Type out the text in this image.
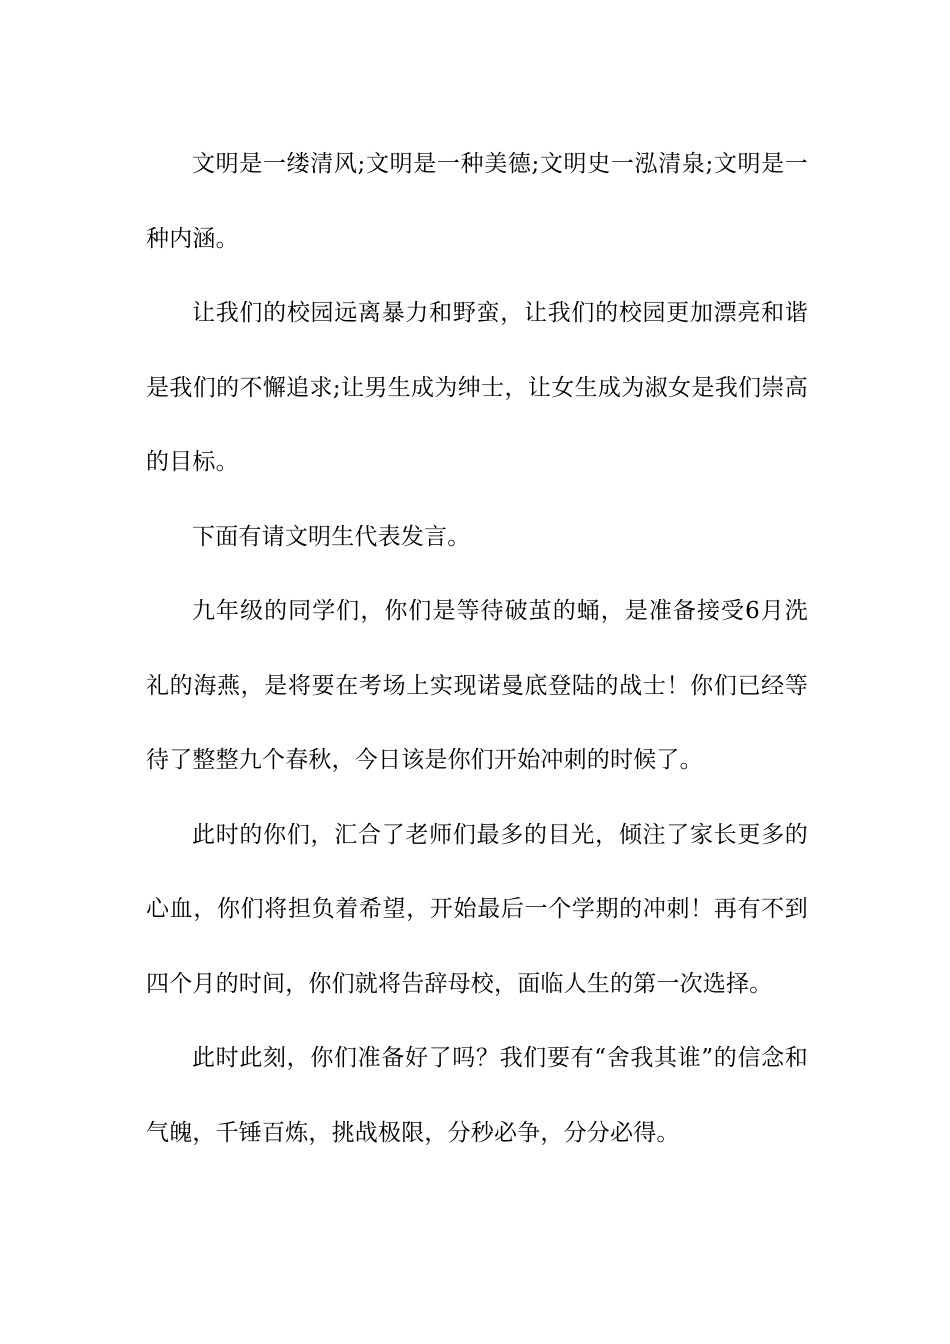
文明是一缕清风;文明是一种美德;文明史一泓清泉;文明是一种内涵。

让我们的校园远离暴力和野蛮，让我们的校园更加漂亮和谐是我们的不懈追求;让男生成为绅士，让女生成为淑女是我们崇高的目标。

下面有请文明生代表发言。

九年级的同学们，你们是等待破茧的蛹，是准备接受6月洗礼的海燕，是将要在考场上实现诺曼底登陆的战士！你们已经等待了整整九个春秋，今日该是你们开始冲刺的时候了。

此时的你们，汇合了老师们最多的目光，倾注了家长更多的心血，你们将担负着希望，开始最后一个学期的冲刺！再有不到四个月的时间，你们就将告辞母校，面临人生的第一次选择。

此时此刻，你们准备好了吗？我们要有“舍我其谁”的信念和气魄，千锤百炼，挑战极限，分秒必争，分分必得。
